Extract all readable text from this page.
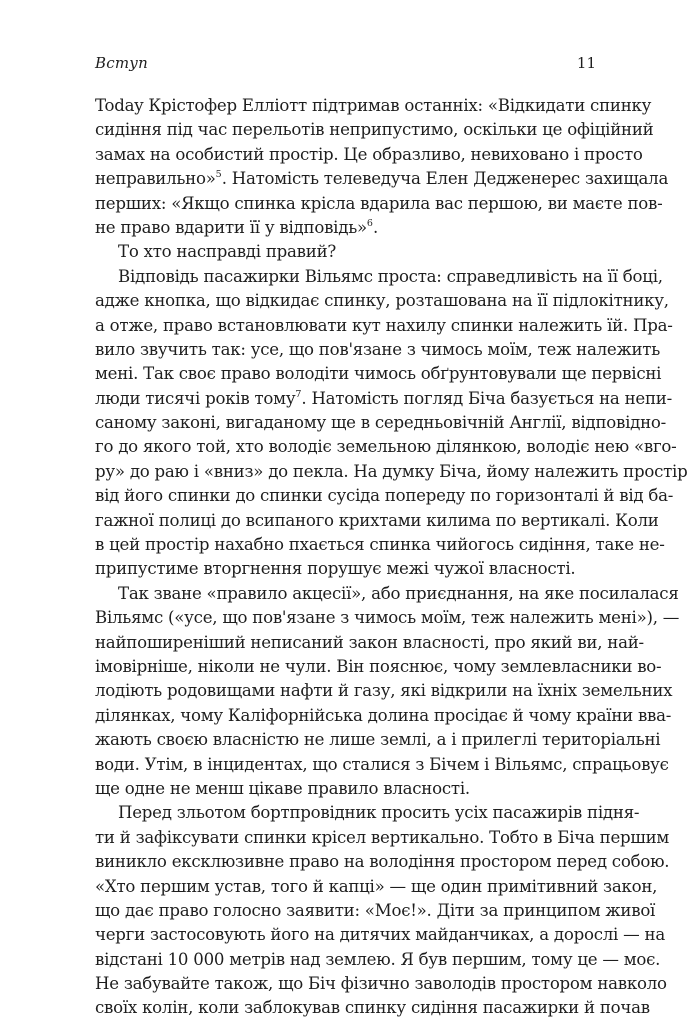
Вступ	11
Today Крістофер Еллiотт підтримав останніх: «Відкидати спинку
сидіння під час перельотів неприпустимо, оскільки це офіційний
замах на особистий простір. Це образливо, невиховано і просто
неправильно»$^5$. Натомість телеведуча Елен Дедженерес захищала
перших: «Якщо спинка крісла вдарила вас першою, ви маєте пов-
не право вдарити її у відповідь»$^6$.
То хто насправді правий?
Відповідь пасажирки Вільямс проста: справедливість на її боці,
адже кнопка, що відкидає спинку, розташована на її підлокітнику,
а отже, право встановлювати кут нахилу спинки належить їй. Пра-
вило звучить так: усе, що пов'язане з чимось моїм, теж належить
мені. Так своє право володіти чимось обґрунтовували ще первісні
люди тисячі років тому$^7$. Натомість погляд Біча базується на непи-
саному законі, вигаданому ще в середньовічній Англії, відповідно-
го до якого той, хто володіє земельною ділянкою, володіє нею «вго-
ру» до раю і «вниз» до пекла. На думку Біча, йому належить простір
від його спинки до спинки сусіда попереду по горизонталі й від ба-
гажної полиці до всипаного крихтами килима по вертикалі. Коли
в цей простір нахабно пхається спинка чийогось сидіння, таке не-
припустиме вторгнення порушує межі чужої власності.
Так зване «правило акцесії», або приєднання, на яке посилалася
Вільямс («усе, що пов'язане з чимось моїм, теж належить мені»), —
найпоширеніший неписаний закон власності, про який ви, най-
імовірніше, ніколи не чули. Він пояснює, чому землевласники во-
лодіють родовищами нафти й газу, які відкрили на їхніх земельних
ділянках, чому Каліфорнійська долина просідає й чому країни вва-
жають своєю власністю не лише землі, а і прилеглі територіальні
води. Утім, в інцидентах, що сталися з Бічем і Вільямс, спрацьовує
ще одне не менш цікаве правило власності.
Перед зльотом бортпровідник просить усіх пасажирів підня-
ти й зафіксувати спинки крісел вертикально. Тобто в Біча першим
виникло ексклюзивне право на володіння простором перед собою.
«Хто першим устав, того й капці» — ще один примітивний закон,
що дає право голосно заявити: «Моє!». Діти за принципом живої
черги застосовують його на дитячих майданчиках, а дорослі — на
відстані 10 000 метрів над землею. Я був першим, тому це — моє.
Не забувайте також, що Біч фізично заволодів простором навколо
своїх колін, коли заблокував спинку сидіння пасажирки й почав
